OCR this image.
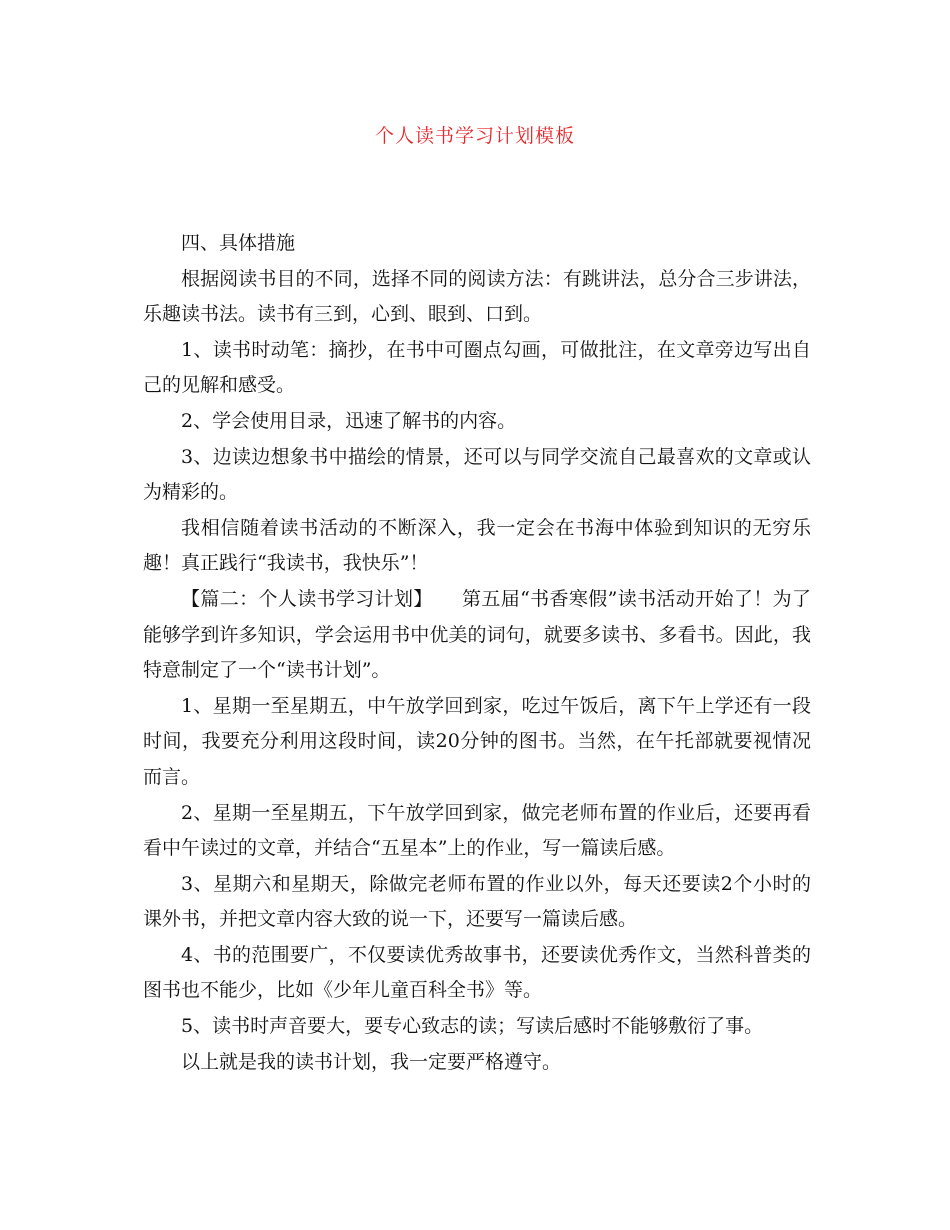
个人读书学习计划模板

四、具体措施

根据阅读书目的不同，选择不同的阅读方法：有跳讲法，总分合三步讲法，乐趣读书法。读书有三到，心到、眼到、口到。

1、读书时动笔：摘抄，在书中可圈点勾画，可做批注，在文章旁边写出自己的见解和感受。

2、学会使用目录，迅速了解书的内容。

3、边读边想象书中描绘的情景，还可以与同学交流自己最喜欢的文章或认为精彩的。

我相信随着读书活动的不断深入，我一定会在书海中体验到知识的无穷乐趣！真正践行“我读书，我快乐”！

【篇二：个人读书学习计划】　　第五届“书香寒假”读书活动开始了！为了能够学到许多知识，学会运用书中优美的词句，就要多读书、多看书。因此，我特意制定了一个“读书计划”。

1、星期一至星期五，中午放学回到家，吃过午饭后，离下午上学还有一段时间，我要充分利用这段时间，读20分钟的图书。当然，在午托部就要视情况而言。

2、星期一至星期五，下午放学回到家，做完老师布置的作业后，还要再看看中午读过的文章，并结合“五星本”上的作业，写一篇读后感。

3、星期六和星期天，除做完老师布置的作业以外，每天还要读2个小时的课外书，并把文章内容大致的说一下，还要写一篇读后感。

4、书的范围要广，不仅要读优秀故事书，还要读优秀作文，当然科普类的图书也不能少，比如《少年儿童百科全书》等。

5、读书时声音要大，要专心致志的读；写读后感时不能够敷衍了事。

以上就是我的读书计划，我一定要严格遵守。
